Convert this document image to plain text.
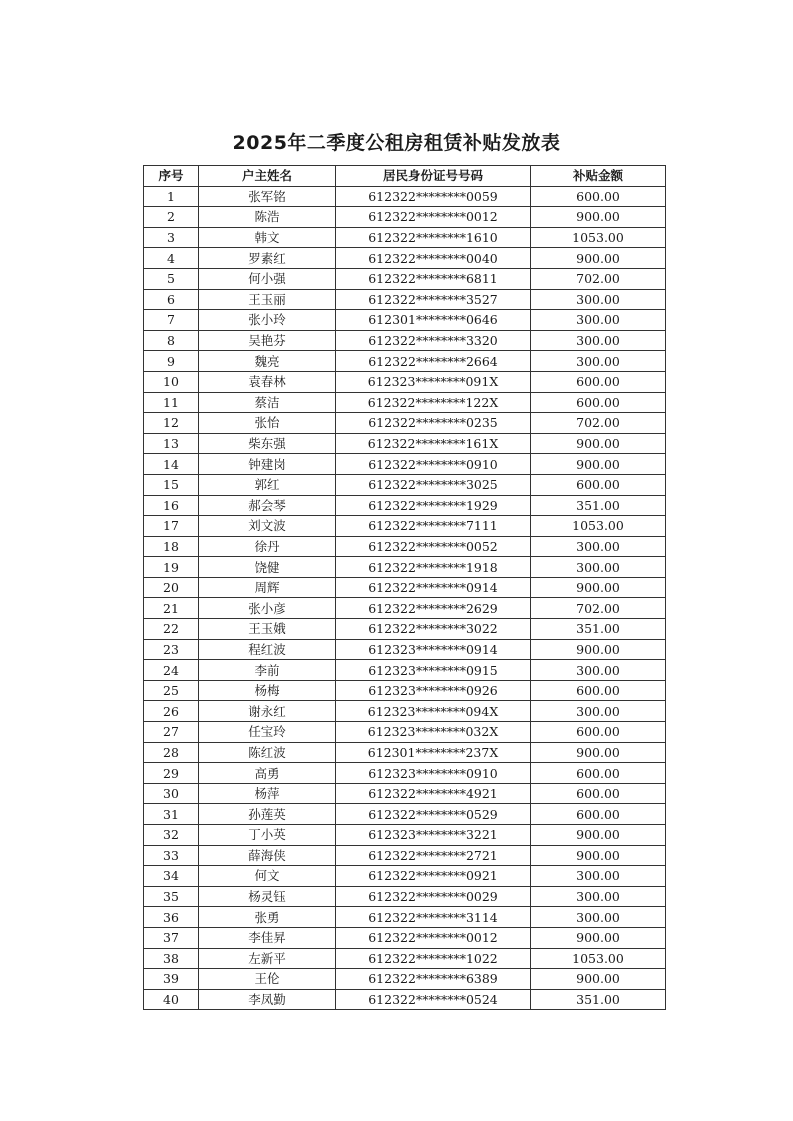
2025年二季度公租房租赁补贴发放表
序号	户主姓名	居民身份证号号码	补贴金额
1	张军铭	612322********0059	600.00
2	陈浩	612322********0012	900.00
3	韩文	612322********1610	1053.00
4	罗素红	612322********0040	900.00
5	何小强	612322********6811	702.00
6	王玉丽	612322********3527	300.00
7	张小玲	612301********0646	300.00
8	吴艳芬	612322********3320	300.00
9	魏亮	612322********2664	300.00
10	袁春林	612323********091X	600.00
11	蔡洁	612322********122X	600.00
12	张怡	612322********0235	702.00
13	柴东强	612322********161X	900.00
14	钟建岗	612322********0910	900.00
15	郭红	612322********3025	600.00
16	郝会琴	612322********1929	351.00
17	刘文波	612322********7111	1053.00
18	徐丹	612322********0052	300.00
19	饶健	612322********1918	300.00
20	周辉	612322********0914	900.00
21	张小彦	612322********2629	702.00
22	王玉娥	612322********3022	351.00
23	程红波	612323********0914	900.00
24	李前	612323********0915	300.00
25	杨梅	612323********0926	600.00
26	谢永红	612323********094X	300.00
27	任宝玲	612323********032X	600.00
28	陈红波	612301********237X	900.00
29	高勇	612323********0910	600.00
30	杨萍	612322********4921	600.00
31	孙莲英	612322********0529	600.00
32	丁小英	612323********3221	900.00
33	薛海侠	612322********2721	900.00
34	何文	612322********0921	300.00
35	杨灵钰	612322********0029	300.00
36	张勇	612322********3114	300.00
37	李佳昇	612322********0012	900.00
38	左新平	612322********1022	1053.00
39	王伦	612322********6389	900.00
40	李凤勤	612322********0524	351.00
